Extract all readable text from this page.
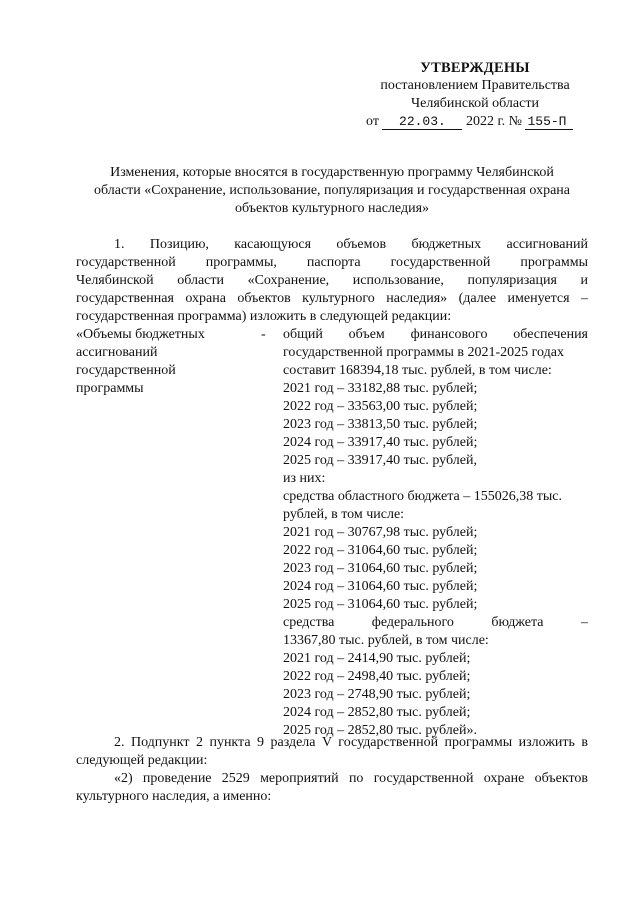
УТВЕРЖДЕНЫ
постановлением Правительства
Челябинской области
от 22.03. 2022 г. № 155-П
Изменения, которые вносятся в государственную программу Челябинской
области «Сохранение, использование, популяризация и государственная охрана
объектов культурного наследия»
1. Позицию, касающуюся объемов бюджетных ассигнований
государственной программы, паспорта государственной программы
Челябинской области «Сохранение, использование, популяризация и
государственная охрана объектов культурного наследия» (далее именуется –
государственная программа) изложить в следующей редакции:
«Объемы бюджетных
ассигнований
государственной
программы
- общий объем финансового обеспечения
государственной программы в 2021-2025 годах
составит 168394,18 тыс. рублей, в том числе:
2021 год – 33182,88 тыс. рублей;
2022 год – 33563,00 тыс. рублей;
2023 год – 33813,50 тыс. рублей;
2024 год – 33917,40 тыс. рублей;
2025 год – 33917,40 тыс. рублей,
из них:
средства областного бюджета – 155026,38 тыс.
рублей, в том числе:
2021 год – 30767,98 тыс. рублей;
2022 год – 31064,60 тыс. рублей;
2023 год – 31064,60 тыс. рублей;
2024 год – 31064,60 тыс. рублей;
2025 год – 31064,60 тыс. рублей;
средства федерального бюджета –
13367,80 тыс. рублей, в том числе:
2021 год – 2414,90 тыс. рублей;
2022 год – 2498,40 тыс. рублей;
2023 год – 2748,90 тыс. рублей;
2024 год – 2852,80 тыс. рублей;
2025 год – 2852,80 тыс. рублей».
2. Подпункт 2 пункта 9 раздела V государственной программы изложить в
следующей редакции:
«2) проведение 2529 мероприятий по государственной охране объектов
культурного наследия, а именно:
